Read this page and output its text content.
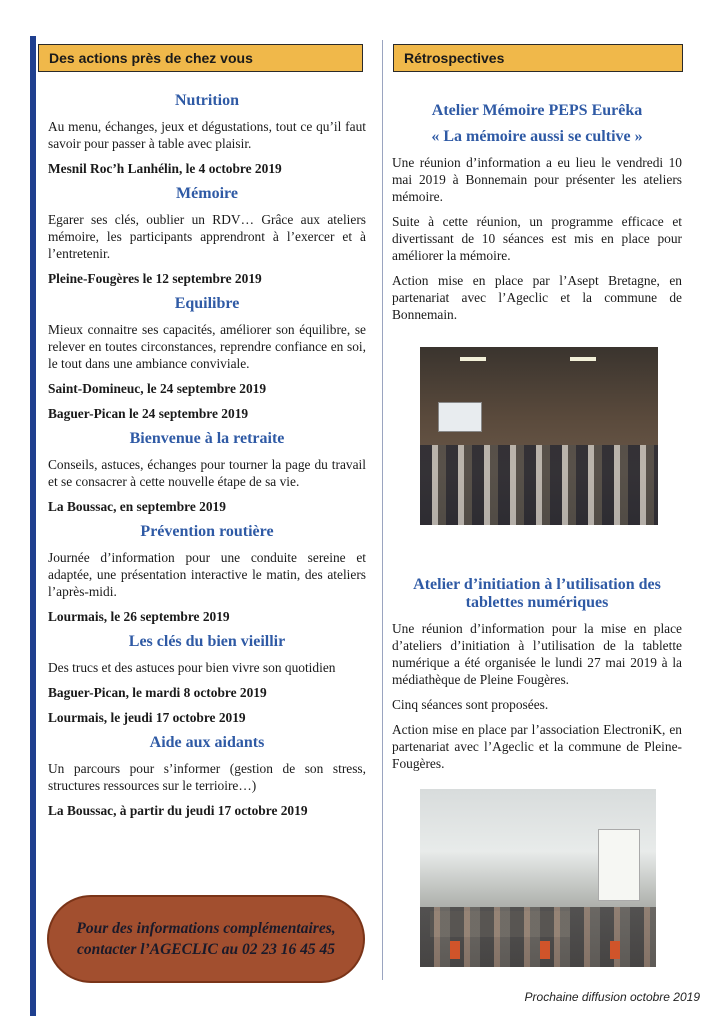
Des actions près de chez vous	Rétrospectives
Nutrition

Au menu, échanges, jeux et dégustations, tout ce qu’il faut savoir pour passer à table avec plaisir.

Mesnil Roc’h Lanhélin, le 4 octobre 2019

Mémoire

Egarer ses clés, oublier un RDV… Grâce aux ateliers mémoire, les participants apprendront à l’exercer et à l’entretenir.

Pleine-Fougères le 12 septembre 2019

Equilibre

Mieux connaitre ses capacités, améliorer son équilibre, se relever en toutes circonstances, reprendre confiance en soi, le tout dans une ambiance conviviale.

Saint-Domineuc, le 24 septembre 2019

Baguer-Pican le 24 septembre 2019

Bienvenue à la retraite

Conseils, astuces, échanges pour tourner la page du travail et se consacrer à cette nouvelle étape de sa vie.

La Boussac, en septembre 2019

Prévention routière

Journée d’information pour une conduite sereine et adaptée, une présentation interactive le matin, des ateliers l’après-midi.

Lourmais, le 26 septembre 2019

Les clés du bien vieillir

Des trucs et des astuces pour bien vivre son quotidien

Baguer-Pican, le mardi 8 octobre 2019

Lourmais, le jeudi 17 octobre 2019

Aide aux aidants

Un parcours pour s’informer (gestion de son stress, structures ressources sur le terrioire…)

La Boussac, à partir du jeudi 17 octobre 2019

Atelier Mémoire PEPS Eurêka
« La mémoire aussi se cultive »

Une réunion d’information a eu lieu le vendredi 10 mai 2019 à Bonnemain pour présenter les ateliers mémoire.

Suite à cette réunion, un programme efficace et divertissant de 10 séances est mis en place pour améliorer la mémoire.

Action mise en place par l’Asept Bretagne, en partenariat avec l’Ageclic et la commune de Bonnemain.

Atelier d’initiation à l’utilisation des tablettes numériques

Une réunion d’information pour la mise en place d’ateliers d’initiation à l’utilisation de la tablette numérique a été organisée le lundi 27 mai 2019 à la médiathèque de Pleine Fougères.

Cinq séances sont proposées.

Action mise en place par l’association ElectroniK, en partenariat avec l’Ageclic et la commune de Pleine-Fougères.

Pour des informations complémentaires,
contacter l’AGECLIC au 02 23 16 45 45
Prochaine diffusion octobre 2019
